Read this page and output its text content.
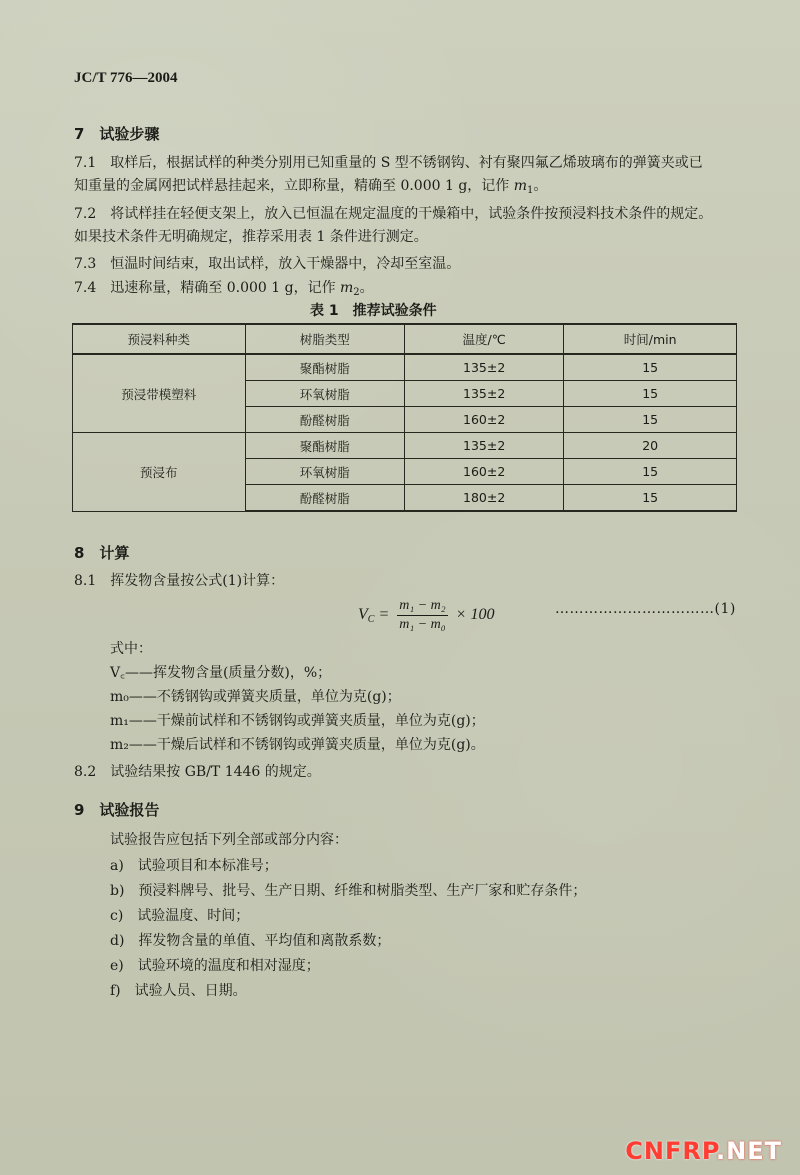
JC/T 776—2004
7　试验步骤
7.1　取样后，根据试样的种类分别用已知重量的 S 型不锈钢钩、衬有聚四氟乙烯玻璃布的弹簧夹或已
知重量的金属网把试样悬挂起来，立即称量，精确至 0.000 1 g，记作 $m_1$。
7.2　将试样挂在轻便支架上，放入已恒温在规定温度的干燥箱中，试验条件按预浸料技术条件的规定。
如果技术条件无明确规定，推荐采用表 1 条件进行测定。
7.3　恒温时间结束，取出试样，放入干燥器中，冷却至室温。
7.4　迅速称量，精确至 0.000 1 g，记作 $m_2$。
表 1　推荐试验条件
预浸料种类	树脂类型	温度/℃	时间/min
预浸带模塑料	聚酯树脂	135±2	15
	环氧树脂	135±2	15
	酚醛树脂	160±2	15
预浸布	聚酯树脂	135±2	20
	环氧树脂	160±2	15
	酚醛树脂	180±2	15
8　计算
8.1　挥发物含量按公式(1)计算：
VC = $\frac{\text{m₁ − m₂}}{\text{m₁ − m₀}} \times 100$	……………………………(1)
式中：
V꜀——挥发物含量(质量分数)，%；
m₀——不锈钢钩或弹簧夹质量，单位为克(g)；
m₁——干燥前试样和不锈钢钩或弹簧夹质量，单位为克(g)；
m₂——干燥后试样和不锈钢钩或弹簧夹质量，单位为克(g)。
8.2　试验结果按 GB/T 1446 的规定。
9　试验报告
试验报告应包括下列全部或部分内容：
a)　试验项目和本标准号；
b)　预浸料牌号、批号、生产日期、纤维和树脂类型、生产厂家和贮存条件；
c)　试验温度、时间；
d)　挥发物含量的单值、平均值和离散系数；
e)　试验环境的温度和相对湿度；
f)　试验人员、日期。
CNFRP.NET
